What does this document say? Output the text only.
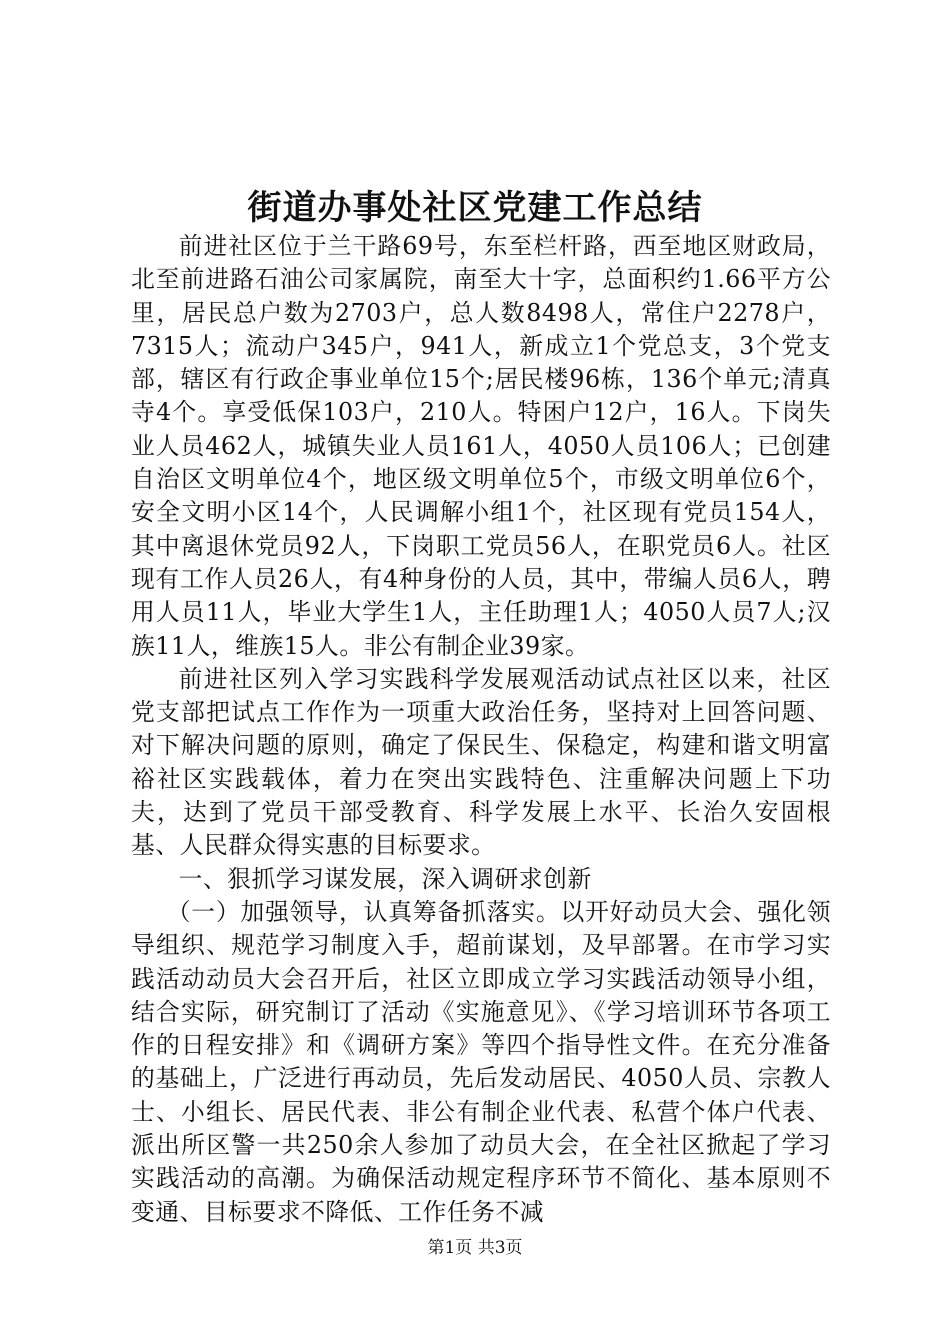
街道办事处社区党建工作总结

前进社区位于兰干路69号，东至栏杆路，西至地区财政局，北至前进路石油公司家属院，南至大十字，总面积约1.66平方公里，居民总户数为2703户，总人数8498人，常住户2278户，7315人；流动户345户，941人，新成立1个党总支，3个党支部，辖区有行政企事业单位15个;居民楼96栋，136个单元;清真寺4个。享受低保103户，210人。特困户12户，16人。下岗失业人员462人，城镇失业人员161人，4050人员106人；已创建自治区文明单位4个，地区级文明单位5个，市级文明单位6个，安全文明小区14个，人民调解小组1个，社区现有党员154人，其中离退休党员92人，下岗职工党员56人，在职党员6人。社区现有工作人员26人，有4种身份的人员，其中，带编人员6人，聘用人员11人，毕业大学生1人，主任助理1人；4050人员7人;汉族11人，维族15人。非公有制企业39家。

前进社区列入学习实践科学发展观活动试点社区以来，社区党支部把试点工作作为一项重大政治任务，坚持对上回答问题、对下解决问题的原则，确定了保民生、保稳定，构建和谐文明富裕社区实践载体，着力在突出实践特色、注重解决问题上下功夫，达到了党员干部受教育、科学发展上水平、长治久安固根基、人民群众得实惠的目标要求。

一、狠抓学习谋发展，深入调研求创新

（一）加强领导，认真筹备抓落实。以开好动员大会、强化领导组织、规范学习制度入手，超前谋划，及早部署。在市学习实践活动动员大会召开后，社区立即成立学习实践活动领导小组，结合实际，研究制订了活动《实施意见》、《学习培训环节各项工作的日程安排》和《调研方案》等四个指导性文件。在充分准备的基础上，广泛进行再动员，先后发动居民、4050人员、宗教人士、小组长、居民代表、非公有制企业代表、私营个体户代表、派出所区警一共250余人参加了动员大会，在全社区掀起了学习实践活动的高潮。为确保活动规定程序环节不简化、基本原则不变通、目标要求不降低、工作任务不减

第1页 共3页
